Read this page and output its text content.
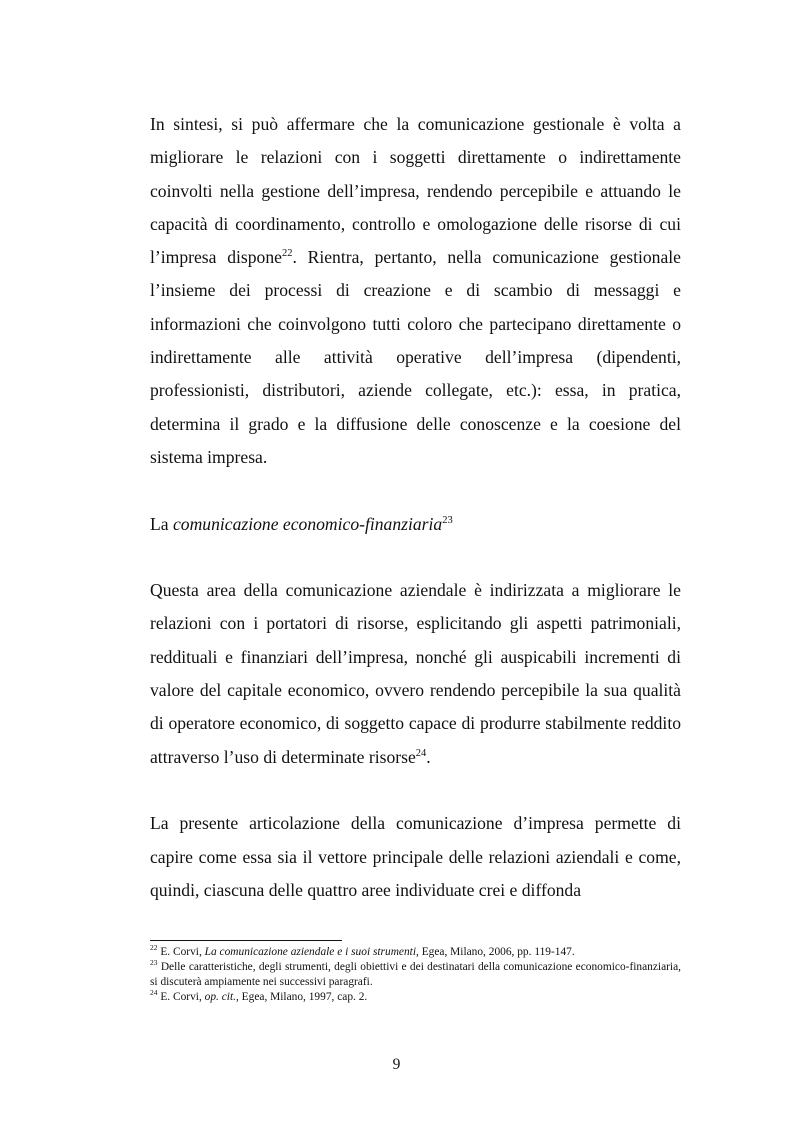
In sintesi, si può affermare che la comunicazione gestionale è volta a migliorare le relazioni con i soggetti direttamente o indirettamente coinvolti nella gestione dell’impresa, rendendo percepibile e attuando le capacità di coordinamento, controllo e omologazione delle risorse di cui l’impresa dispone$^{22}$. Rientra, pertanto, nella comunicazione gestionale l’insieme dei processi di creazione e di scambio di messaggi e informazioni che coinvolgono tutti coloro che partecipano direttamente o indirettamente alle attività operative dell’impresa (dipendenti, professionisti, distributori, aziende collegate, etc.): essa, in pratica, determina il grado e la diffusione delle conoscenze e la coesione del sistema impresa.

La comunicazione economico-finanziaria$^{23}$

Questa area della comunicazione aziendale è indirizzata a migliorare le relazioni con i portatori di risorse, esplicitando gli aspetti patrimoniali, reddituali e finanziari dell’impresa, nonché gli auspicabili incrementi di valore del capitale economico, ovvero rendendo percepibile la sua qualità di operatore economico, di soggetto capace di produrre stabilmente reddito attraverso l’uso di determinate risorse$^{24}$.

La presente articolazione della comunicazione d’impresa permette di capire come essa sia il vettore principale delle relazioni aziendali e come, quindi, ciascuna delle quattro aree individuate crei e diffonda

$^{22}$ E. Corvi, La comunicazione aziendale e i suoi strumenti, Egea, Milano, 2006, pp. 119-147.

$^{23}$ Delle caratteristiche, degli strumenti, degli obiettivi e dei destinatari della comunicazione economico-finanziaria, si discuterà ampiamente nei successivi paragrafi.

$^{24}$ E. Corvi, op. cit., Egea, Milano, 1997, cap. 2.

9
